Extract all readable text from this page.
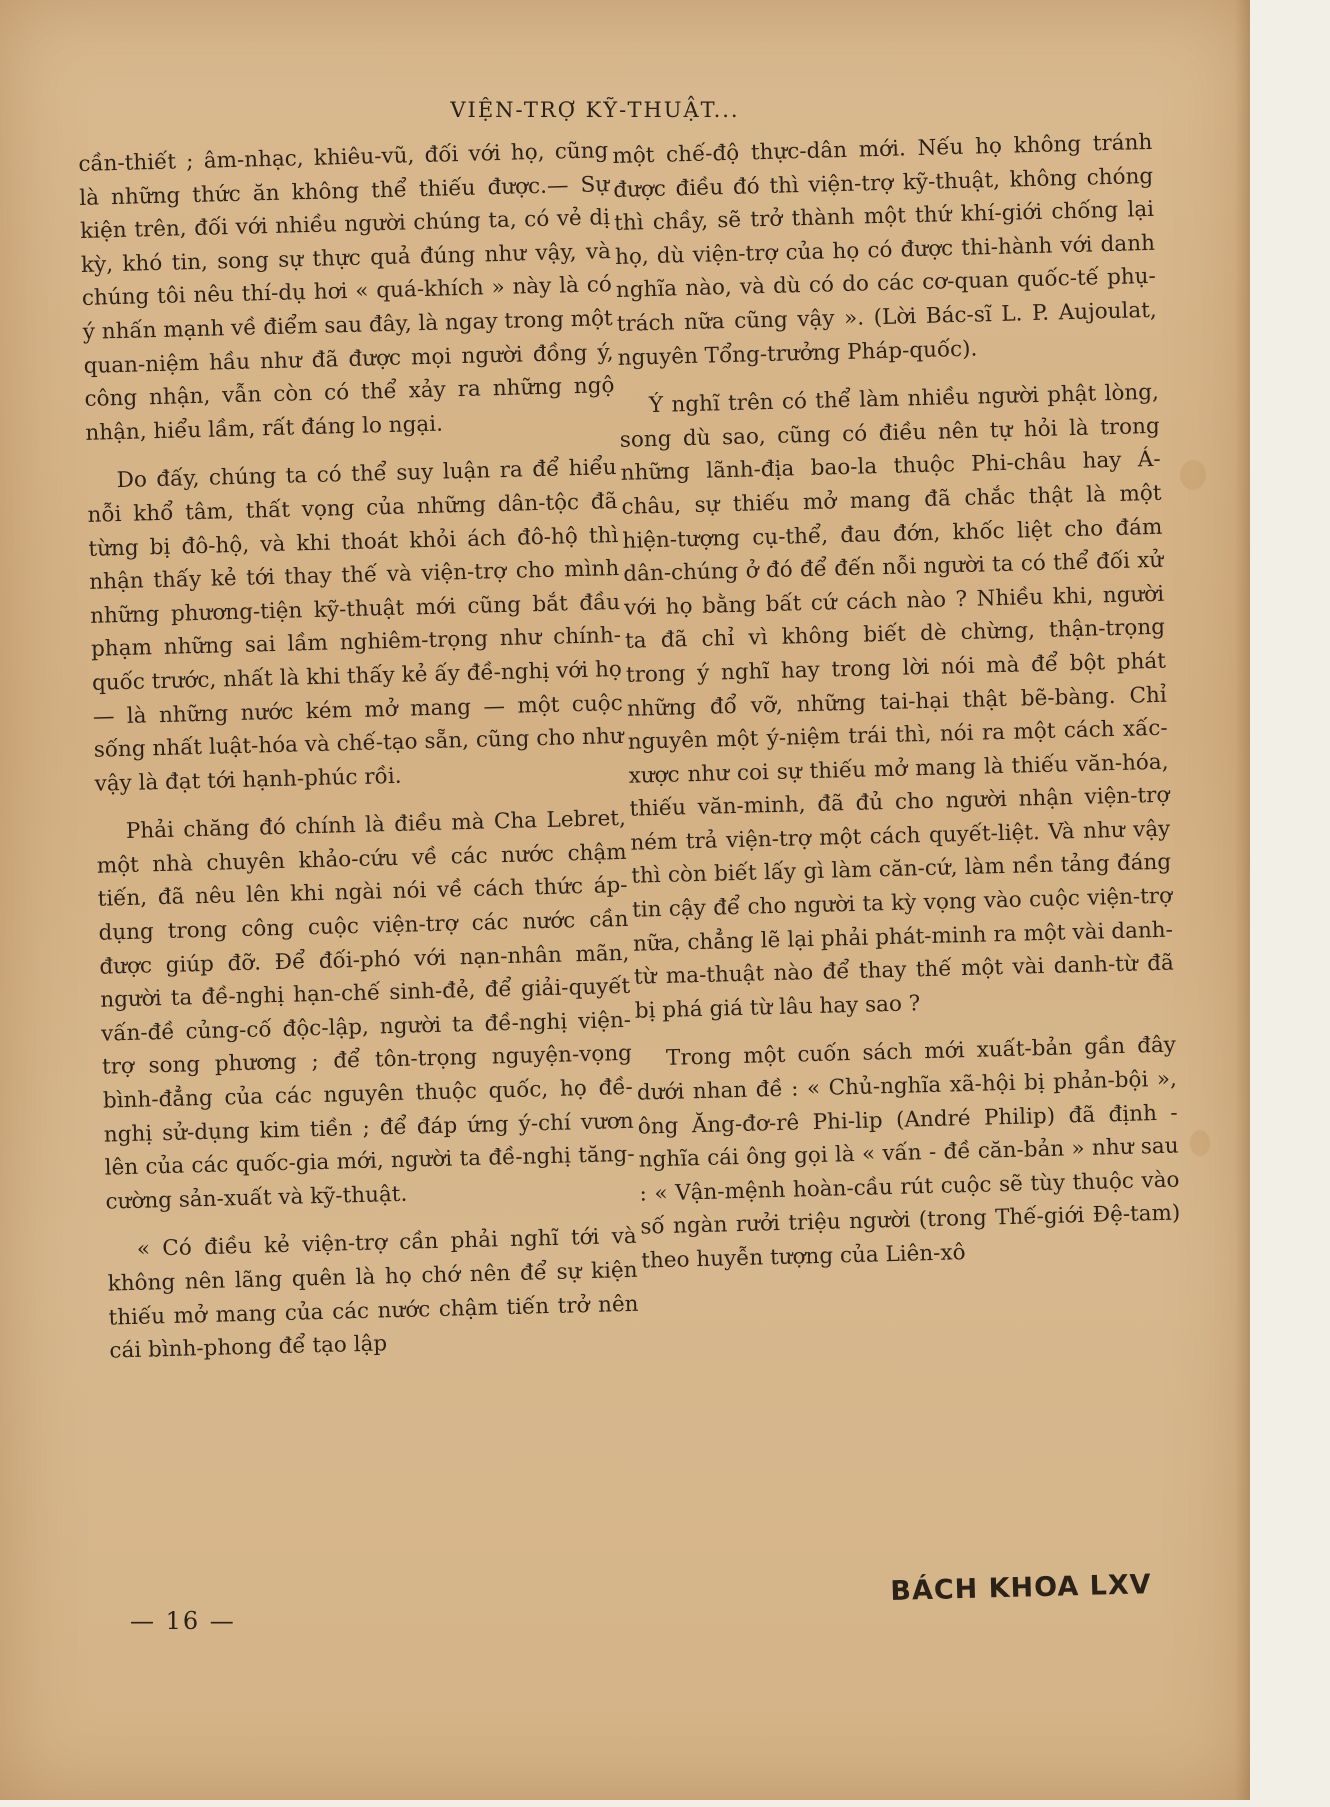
VIỆN-TRỢ KỸ-THUẬT...

cần-thiết ; âm-nhạc, khiêu-vũ, đối với họ, cũng là những thức ăn không thể thiếu được.— Sự kiện trên, đối với nhiều người chúng ta, có vẻ dị kỳ, khó tin, song sự thực quả đúng như vậy, và chúng tôi nêu thí-dụ hơi « quá-khích » này là có ý nhấn mạnh về điểm sau đây, là ngay trong một quan-niệm hầu như đã được mọi người đồng ý, công nhận, vẫn còn có thể xảy ra những ngộ nhận, hiểu lầm, rất đáng lo ngại.

Do đấy, chúng ta có thể suy luận ra để hiểu nỗi khổ tâm, thất vọng của những dân-tộc đã từng bị đô-hộ, và khi thoát khỏi ách đô-hộ thì nhận thấy kẻ tới thay thế và viện-trợ cho mình những phương-tiện kỹ-thuật mới cũng bắt đầu phạm những sai lầm nghiêm-trọng như chính-quốc trước, nhất là khi thấy kẻ ấy đề-nghị với họ — là những nước kém mở mang — một cuộc sống nhất luật-hóa và chế-tạo sẵn, cũng cho như vậy là đạt tới hạnh-phúc rồi.

Phải chăng đó chính là điều mà Cha Lebret, một nhà chuyên khảo-cứu về các nước chậm tiến, đã nêu lên khi ngài nói về cách thức áp-dụng trong công cuộc viện-trợ các nước cần được giúp đỡ. Để đối-phó với nạn-nhân mãn, người ta đề-nghị hạn-chế sinh-đẻ, để giải-quyết vấn-đề củng-cố độc-lập, người ta đề-nghị viện-trợ song phương ; để tôn-trọng nguyện-vọng bình-đẳng của các nguyên thuộc quốc, họ đề-nghị sử-dụng kim tiền ; để đáp ứng ý-chí vươn lên của các quốc-gia mới, người ta đề-nghị tăng-cường sản-xuất và kỹ-thuật.

« Có điều kẻ viện-trợ cần phải nghĩ tới và không nên lãng quên là họ chớ nên để sự kiện thiếu mở mang của các nước chậm tiến trở nên cái bình-phong để tạo lập

một chế-độ thực-dân mới. Nếu họ không tránh được điều đó thì viện-trợ kỹ-thuật, không chóng thì chầy, sẽ trở thành một thứ khí-giới chống lại họ, dù viện-trợ của họ có được thi-hành với danh nghĩa nào, và dù có do các cơ-quan quốc-tế phụ-trách nữa cũng vậy ». (Lời Bác-sĩ L. P. Aujoulat, nguyên Tổng-trưởng Pháp-quốc).

Ý nghĩ trên có thể làm nhiều người phật lòng, song dù sao, cũng có điều nên tự hỏi là trong những lãnh-địa bao-la thuộc Phi-châu hay Á-châu, sự thiếu mở mang đã chắc thật là một hiện-tượng cụ-thể, đau đớn, khốc liệt cho đám dân-chúng ở đó để đến nỗi người ta có thể đối xử với họ bằng bất cứ cách nào ? Nhiều khi, người ta đã chỉ vì không biết dè chừng, thận-trọng trong ý nghĩ hay trong lời nói mà để bột phát những đổ vỡ, những tai-hại thật bẽ-bàng. Chỉ nguyên một ý-niệm trái thì, nói ra một cách xấc-xược như coi sự thiếu mở mang là thiếu văn-hóa, thiếu văn-minh, đã đủ cho người nhận viện-trợ ném trả viện-trợ một cách quyết-liệt. Và như vậy thì còn biết lấy gì làm căn-cứ, làm nền tảng đáng tin cậy để cho người ta kỳ vọng vào cuộc viện-trợ nữa, chẳng lẽ lại phải phát-minh ra một vài danh-từ ma-thuật nào để thay thế một vài danh-từ đã bị phá giá từ lâu hay sao ?

Trong một cuốn sách mới xuất-bản gần đây dưới nhan đề : « Chủ-nghĩa xã-hội bị phản-bội », ông Ăng-đơ-rê Phi-lip (André Philip) đã định - nghĩa cái ông gọi là « vấn - đề căn-bản » như sau : « Vận-mệnh hoàn-cầu rút cuộc sẽ tùy thuộc vào số ngàn rưởi triệu người (trong Thế-giới Đệ-tam) theo huyễn tượng của Liên-xô

— 16 —
BÁCH KHOA LXV
